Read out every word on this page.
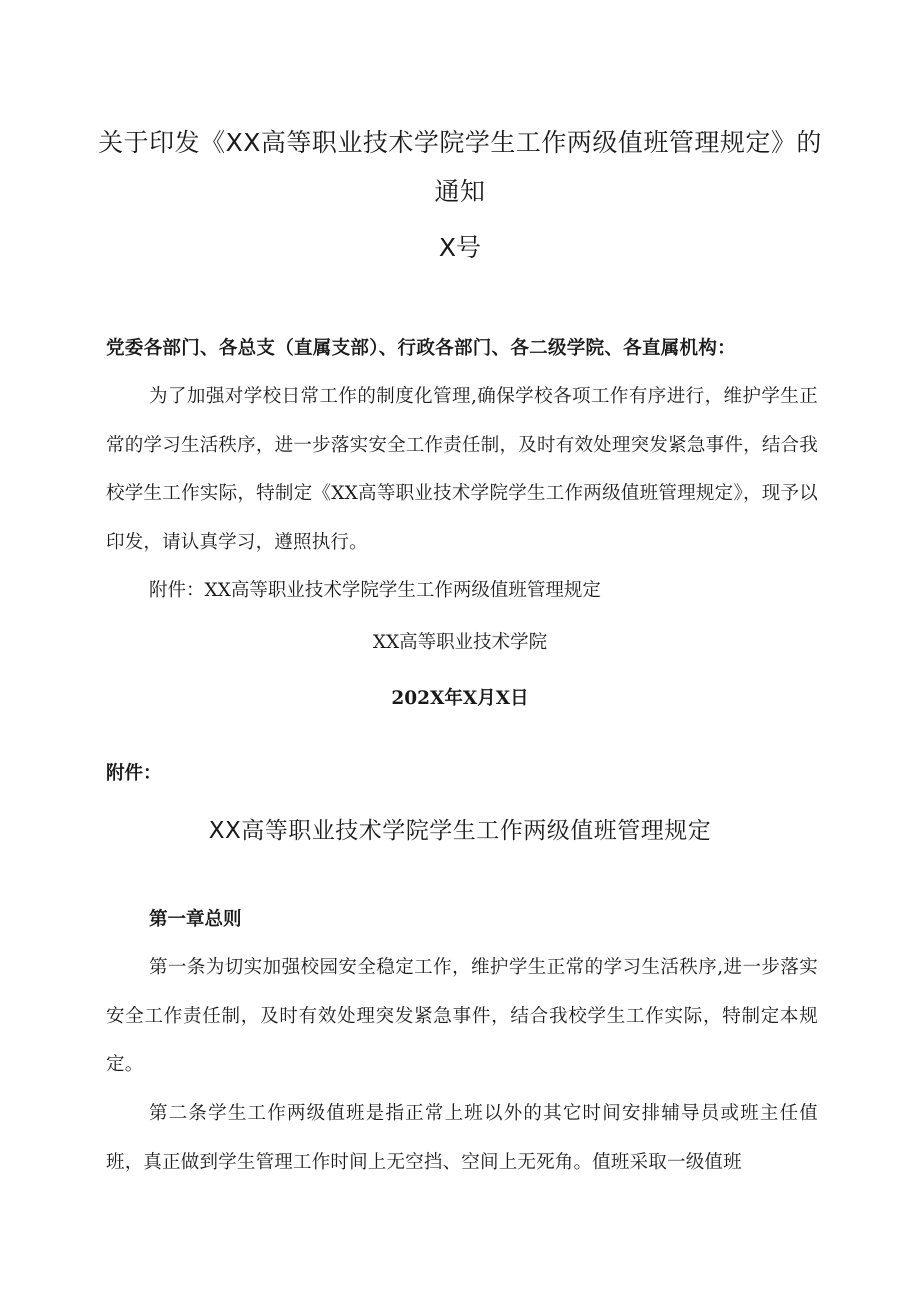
关于印发《XX高等职业技术学院学生工作两级值班管理规定》的
通知
X号
党委各部门、各总支（直属支部）、行政各部门、各二级学院、各直属机构：

为了加强对学校日常工作的制度化管理,确保学校各项工作有序进行，维护学生正常的学习生活秩序，进一步落实安全工作责任制，及时有效处理突发紧急事件，结合我校学生工作实际，特制定《XX高等职业技术学院学生工作两级值班管理规定》，现予以印发，请认真学习，遵照执行。

附件：XX高等职业技术学院学生工作两级值班管理规定
XX高等职业技术学院
202X年X月X日
附件：
XX高等职业技术学院学生工作两级值班管理规定
第一章总则

第一条为切实加强校园安全稳定工作，维护学生正常的学习生活秩序,进一步落实安全工作责任制，及时有效处理突发紧急事件，结合我校学生工作实际，特制定本规定。

第二条学生工作两级值班是指正常上班以外的其它时间安排辅导员或班主任值班，真正做到学生管理工作时间上无空挡、空间上无死角。值班采取一级值班
